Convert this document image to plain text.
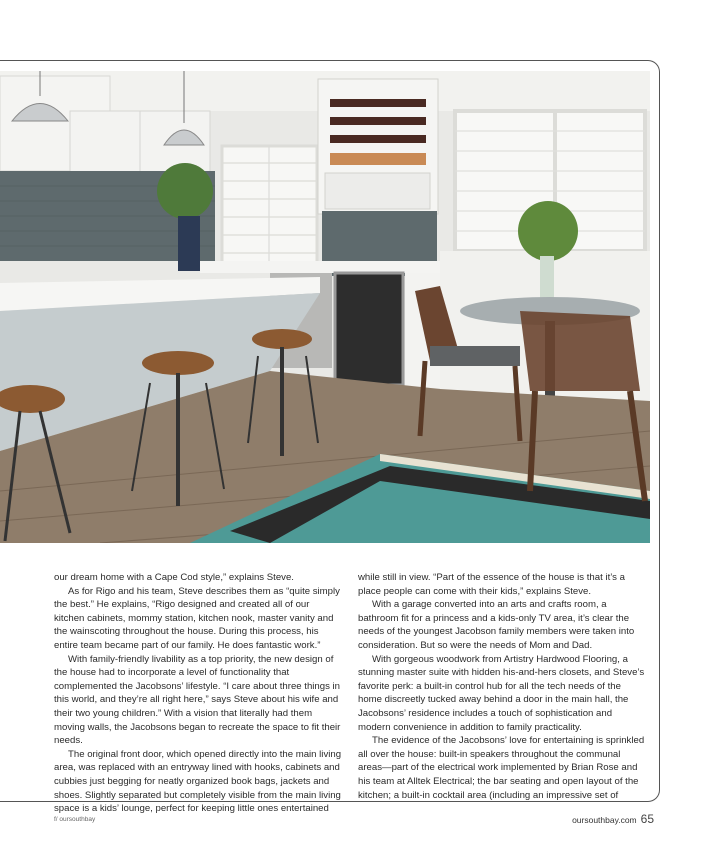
our dream home with a Cape Cod style,” explains Steve.

As for Rigo and his team, Steve describes them as “quite simply the best.” He explains, “Rigo designed and created all of our kitchen cabinets, mommy station, kitchen nook, master vanity and the wainscoting throughout the house. During this process, his entire team became part of our family. He does fantastic work.”

With family-friendly livability as a top priority, the new design of the house had to incorporate a level of functionality that complemented the Jacobsons’ lifestyle. “I care about three things in this world, and they’re all right here,” says Steve about his wife and their two young children.” With a vision that literally had them moving walls, the Jacobsons began to recreate the space to fit their needs.

The original front door, which opened directly into the main living area, was replaced with an entryway lined with hooks, cabinets and cubbies just begging for neatly organized book bags, jackets and shoes. Slightly separated but completely visible from the main living space is a kids’ lounge, perfect for keeping little ones entertained

while still in view. “Part of the essence of the house is that it’s a place people can come with their kids,” explains Steve.

With a garage converted into an arts and crafts room, a bathroom fit for a princess and a kids-only TV area, it’s clear the needs of the youngest Jacobson family members were taken into consideration. But so were the needs of Mom and Dad.

With gorgeous woodwork from Artistry Hardwood Flooring, a stunning master suite with hidden his-and-hers closets, and Steve’s favorite perk: a built-in control hub for all the tech needs of the home discreetly tucked away behind a door in the main hall, the Jacobsons’ residence includes a touch of sophistication and modern convenience in addition to family practicality.

The evidence of the Jacobsons’ love for entertaining is sprinkled all over the house: built-in speakers throughout the communal areas—part of the electrical work implemented by Brian Rose and his team at Alltek Electrical; the bar seating and open layout of the kitchen; a built-in cocktail area (including an impressive set of

f/ oursouthbay	oursouthbay.com 65
